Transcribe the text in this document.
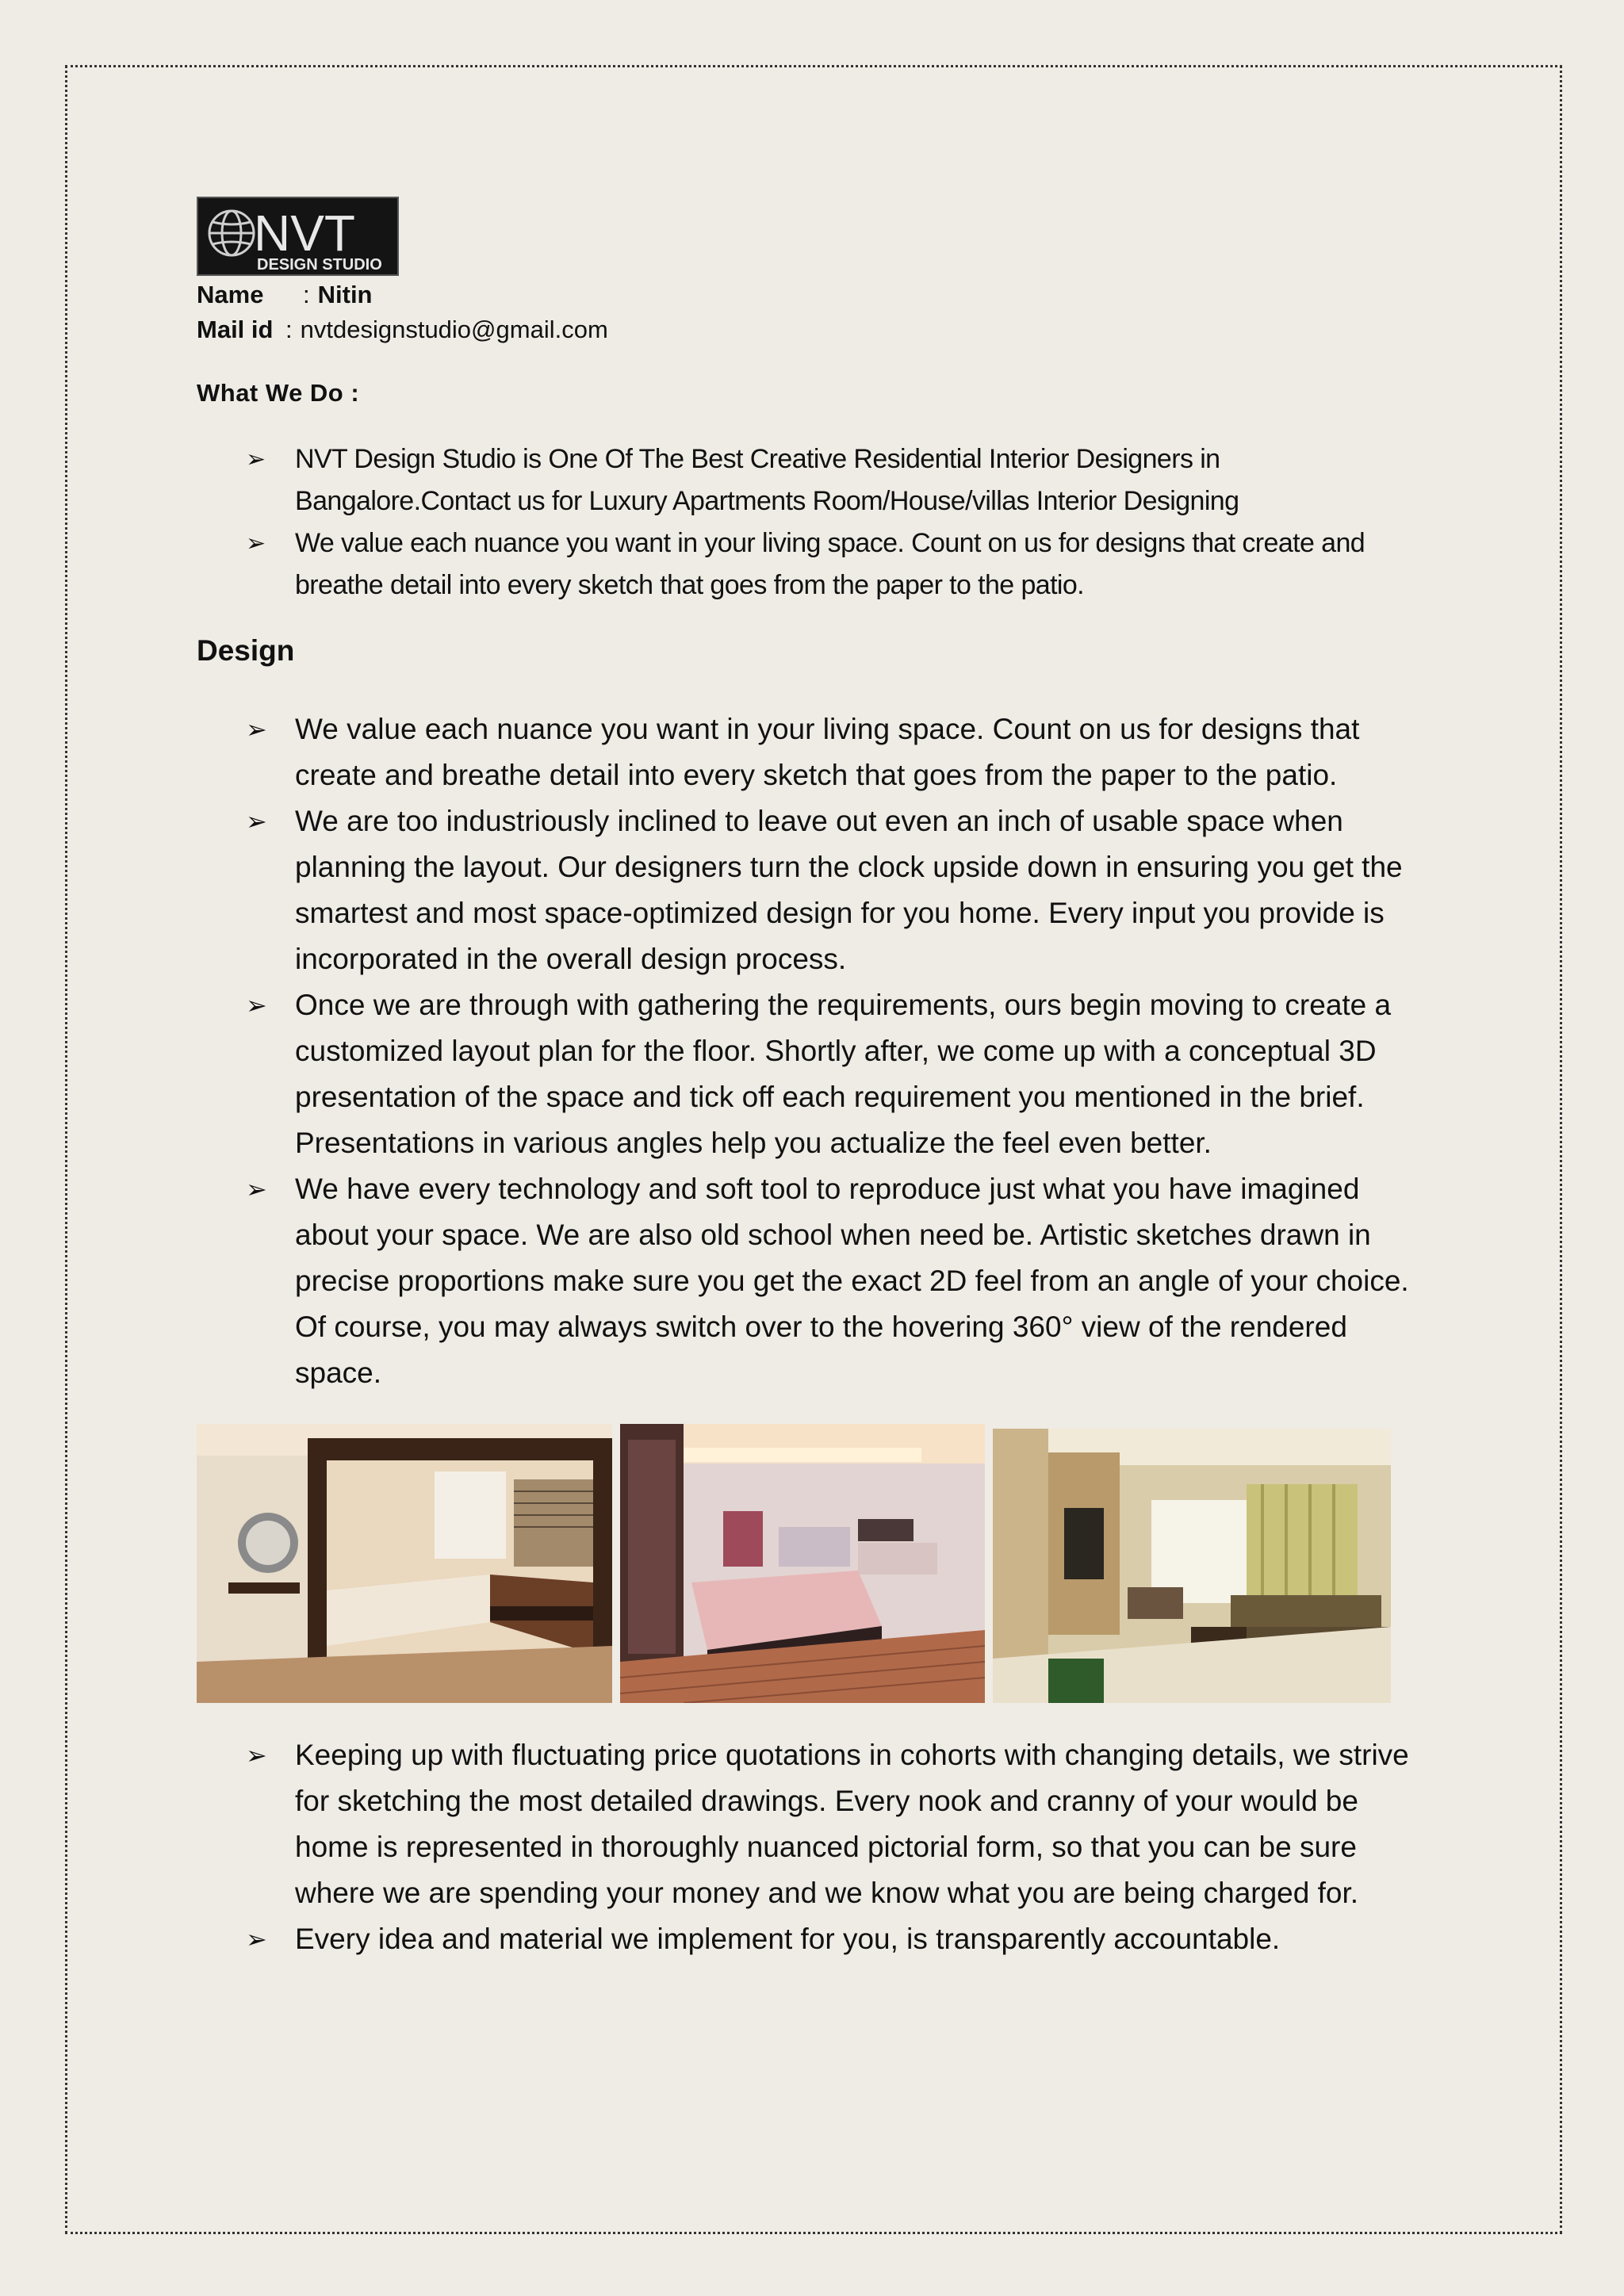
NVT
DESIGN STUDIO
Name : Nitin
Mail id : nvtdesignstudio@gmail.com
What We Do :
➢ NVT Design Studio is One Of The Best Creative Residential Interior Designers in Bangalore.Contact us for Luxury Apartments Room/House/villas Interior Designing
➢ We value each nuance you want in your living space. Count on us for designs that create and breathe detail into every sketch that goes from the paper to the patio.
Design
➢ We value each nuance you want in your living space. Count on us for designs that create and breathe detail into every sketch that goes from the paper to the patio.
➢ We are too industriously inclined to leave out even an inch of usable space when planning the layout. Our designers turn the clock upside down in ensuring you get the smartest and most space-optimized design for you home. Every input you provide is incorporated in the overall design process.
➢ Once we are through with gathering the requirements, ours begin moving to create a customized layout plan for the floor. Shortly after, we come up with a conceptual 3D presentation of the space and tick off each requirement you mentioned in the brief. Presentations in various angles help you actualize the feel even better.
➢ We have every technology and soft tool to reproduce just what you have imagined about your space. We are also old school when need be. Artistic sketches drawn in precise proportions make sure you get the exact 2D feel from an angle of your choice. Of course, you may always switch over to the hovering 360° view of the rendered space.
➢ Keeping up with fluctuating price quotations in cohorts with changing details, we strive for sketching the most detailed drawings. Every nook and cranny of your would be home is represented in thoroughly nuanced pictorial form, so that you can be sure where we are spending your money and we know what you are being charged for.
➢ Every idea and material we implement for you, is transparently accountable.
